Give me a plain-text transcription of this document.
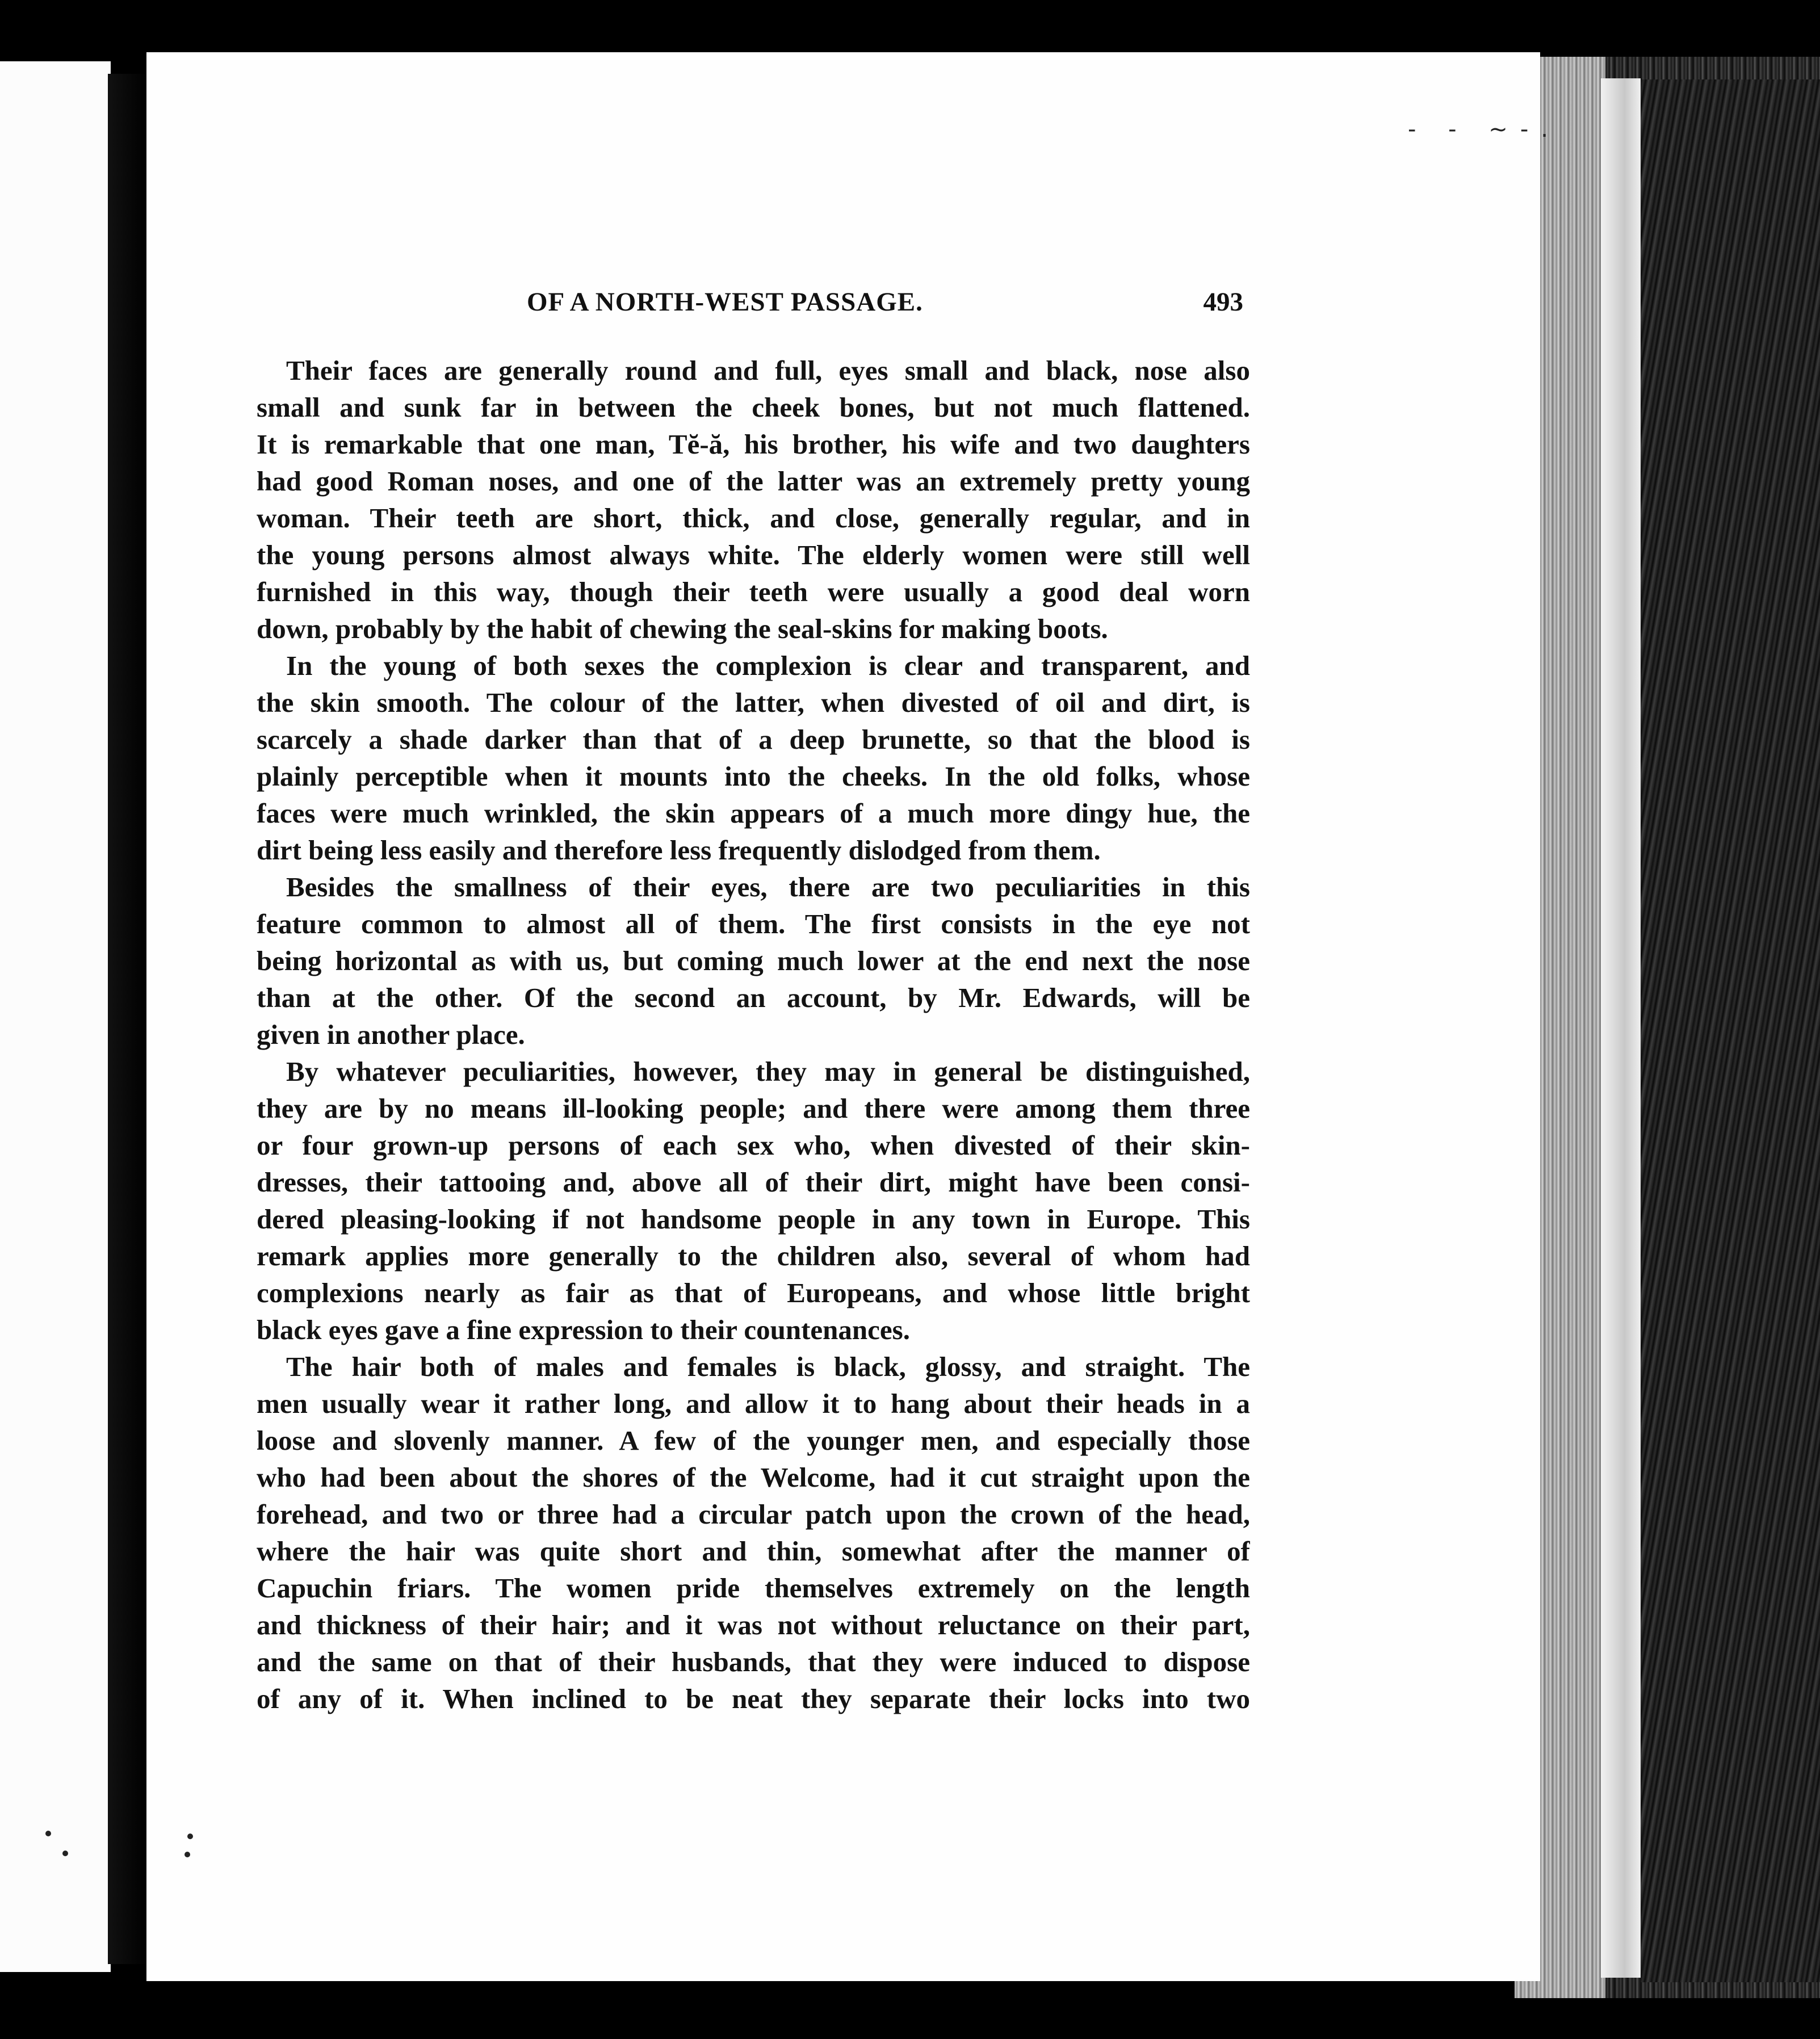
- - ~-.
OF A NORTH-WEST PASSAGE.	493
Their faces are generally round and full, eyes small and black, nose also
small and sunk far in between the cheek bones, but not much flattened.
It is remarkable that one man, Tĕ-ă, his brother, his wife and two daughters
had good Roman noses, and one of the latter was an extremely pretty young
woman. Their teeth are short, thick, and close, generally regular, and in
the young persons almost always white. The elderly women were still well
furnished in this way, though their teeth were usually a good deal worn
down, probably by the habit of chewing the seal-skins for making boots.
In the young of both sexes the complexion is clear and transparent, and
the skin smooth. The colour of the latter, when divested of oil and dirt, is
scarcely a shade darker than that of a deep brunette, so that the blood is
plainly perceptible when it mounts into the cheeks. In the old folks, whose
faces were much wrinkled, the skin appears of a much more dingy hue, the
dirt being less easily and therefore less frequently dislodged from them.
Besides the smallness of their eyes, there are two peculiarities in this
feature common to almost all of them. The first consists in the eye not
being horizontal as with us, but coming much lower at the end next the nose
than at the other. Of the second an account, by Mr. Edwards, will be
given in another place.
By whatever peculiarities, however, they may in general be distinguished,
they are by no means ill-looking people; and there were among them three
or four grown-up persons of each sex who, when divested of their skin-
dresses, their tattooing and, above all of their dirt, might have been consi-
dered pleasing-looking if not handsome people in any town in Europe. This
remark applies more generally to the children also, several of whom had
complexions nearly as fair as that of Europeans, and whose little bright
black eyes gave a fine expression to their countenances.
The hair both of males and females is black, glossy, and straight. The
men usually wear it rather long, and allow it to hang about their heads in a
loose and slovenly manner. A few of the younger men, and especially those
who had been about the shores of the Welcome, had it cut straight upon the
forehead, and two or three had a circular patch upon the crown of the head,
where the hair was quite short and thin, somewhat after the manner of
Capuchin friars. The women pride themselves extremely on the length
and thickness of their hair; and it was not without reluctance on their part,
and the same on that of their husbands, that they were induced to dispose
of any of it. When inclined to be neat they separate their locks into two
